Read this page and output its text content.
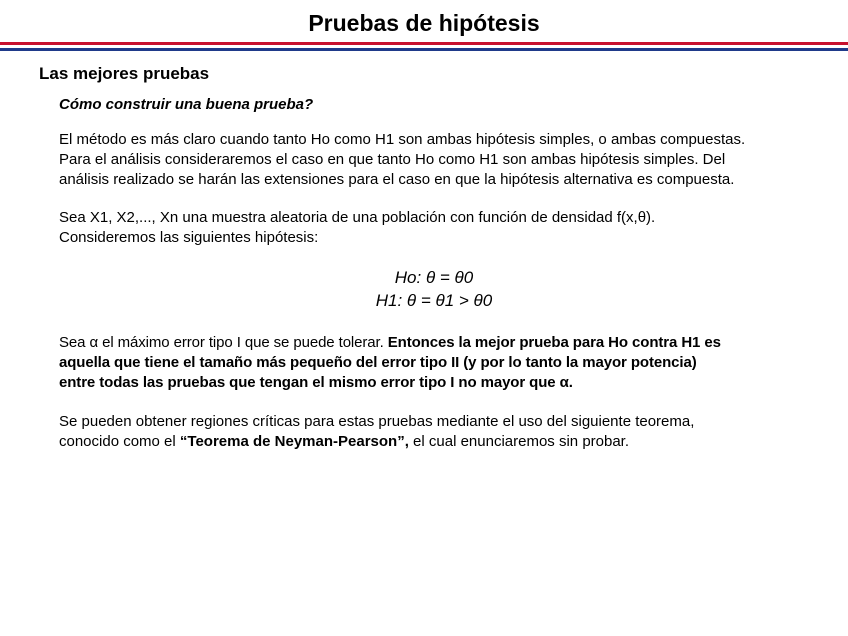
Pruebas de hipótesis
Las mejores pruebas
Cómo construir una buena prueba?

El método es más claro cuando tanto Ho como H1 son ambas hipótesis simples, o ambas compuestas.
Para el análisis consideraremos el caso en que tanto Ho como H1 son ambas hipótesis simples. Del
análisis realizado se harán las extensiones para el caso en que la hipótesis alternativa es compuesta.

Sea X1, X2,..., Xn una muestra aleatoria de una población con función de densidad f(x,θ).
Consideremos las siguientes hipótesis:

Ho: θ = θ0

H1: θ = θ1 > θ0

Sea α el máximo error tipo I que se puede tolerar. Entonces la mejor prueba para Ho contra H1 es
aquella que tiene el tamaño más pequeño del error tipo II (y por lo tanto la mayor potencia)
entre todas las pruebas que tengan el mismo error tipo I no mayor que α.

Se pueden obtener regiones críticas para estas pruebas mediante el uso del siguiente teorema,
conocido como el “Teorema de Neyman-Pearson”, el cual enunciaremos sin probar.
